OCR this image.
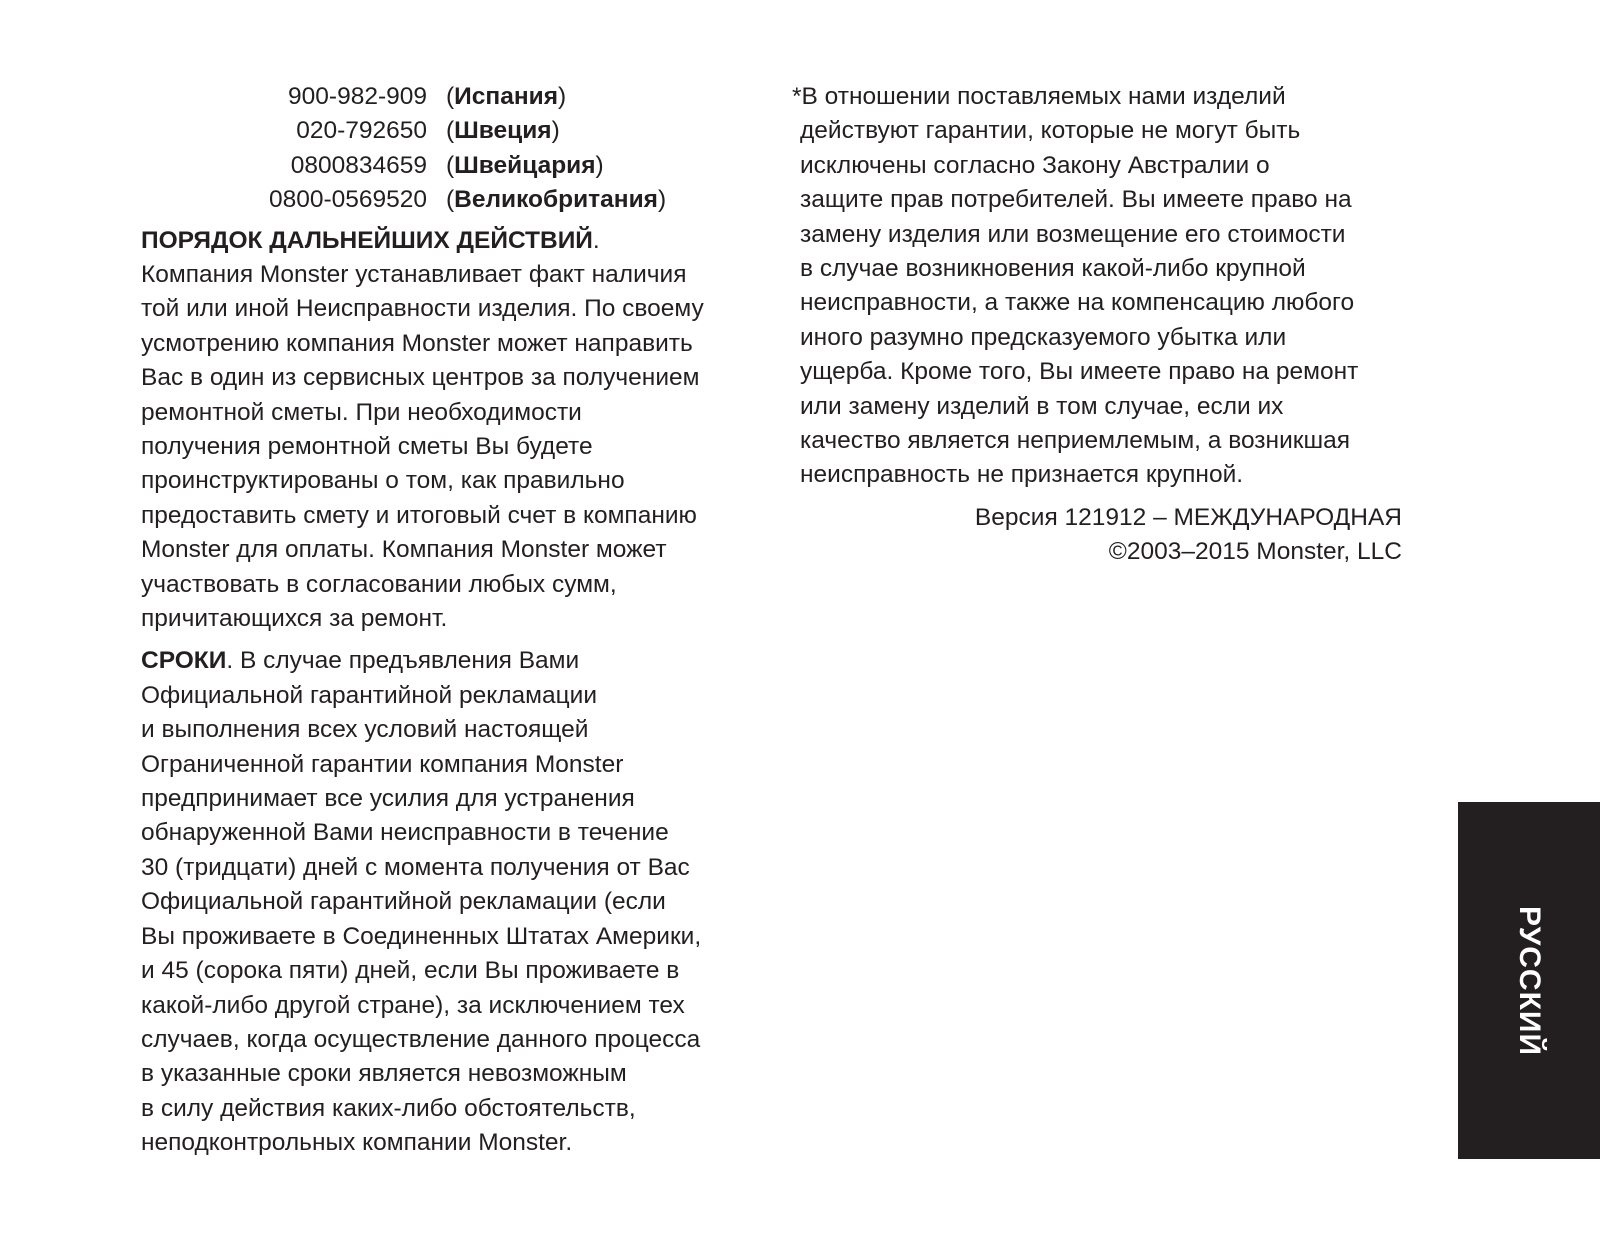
900-982-909 (Испания)
020-792650 (Швеция)
0800834659 (Швейцария)
0800-0569520 (Великобритания)
ПОРЯДОК ДАЛЬНЕЙШИХ ДЕЙСТВИЙ.
Компания Monster устанавливает факт наличия
той или иной Неисправности изделия. По своему
усмотрению компания Monster может направить
Вас в один из сервисных центров за получением
ремонтной сметы. При необходимости
получения ремонтной сметы Вы будете
проинструктированы о том, как правильно
предоставить смету и итоговый счет в компанию
Monster для оплаты. Компания Monster может
участвовать в согласовании любых сумм,
причитающихся за ремонт.
СРОКИ. В случае предъявления Вами
Официальной гарантийной рекламации
и выполнения всех условий настоящей
Ограниченной гарантии компания Monster
предпринимает все усилия для устранения
обнаруженной Вами неисправности в течение
30 (тридцати) дней с момента получения от Вас
Официальной гарантийной рекламации (если
Вы проживаете в Соединенных Штатах Америки,
и 45 (сорока пяти) дней, если Вы проживаете в
какой-либо другой стране), за исключением тех
случаев, когда осуществление данного процесса
в указанные сроки является невозможным
в силу действия каких-либо обстоятельств,
неподконтрольных компании Monster.
*В отношении поставляемых нами изделий
действуют гарантии, которые не могут быть
исключены согласно Закону Австралии о
защите прав потребителей. Вы имеете право на
замену изделия или возмещение его стоимости
в случае возникновения какой-либо крупной
неисправности, а также на компенсацию любого
иного разумно предсказуемого убытка или
ущерба. Кроме того, Вы имеете право на ремонт
или замену изделий в том случае, если их
качество является неприемлемым, а возникшая
неисправность не признается крупной.
Версия 121912 – МЕЖДУНАРОДНАЯ
©2003–2015 Monster, LLC
РУССКИЙ
